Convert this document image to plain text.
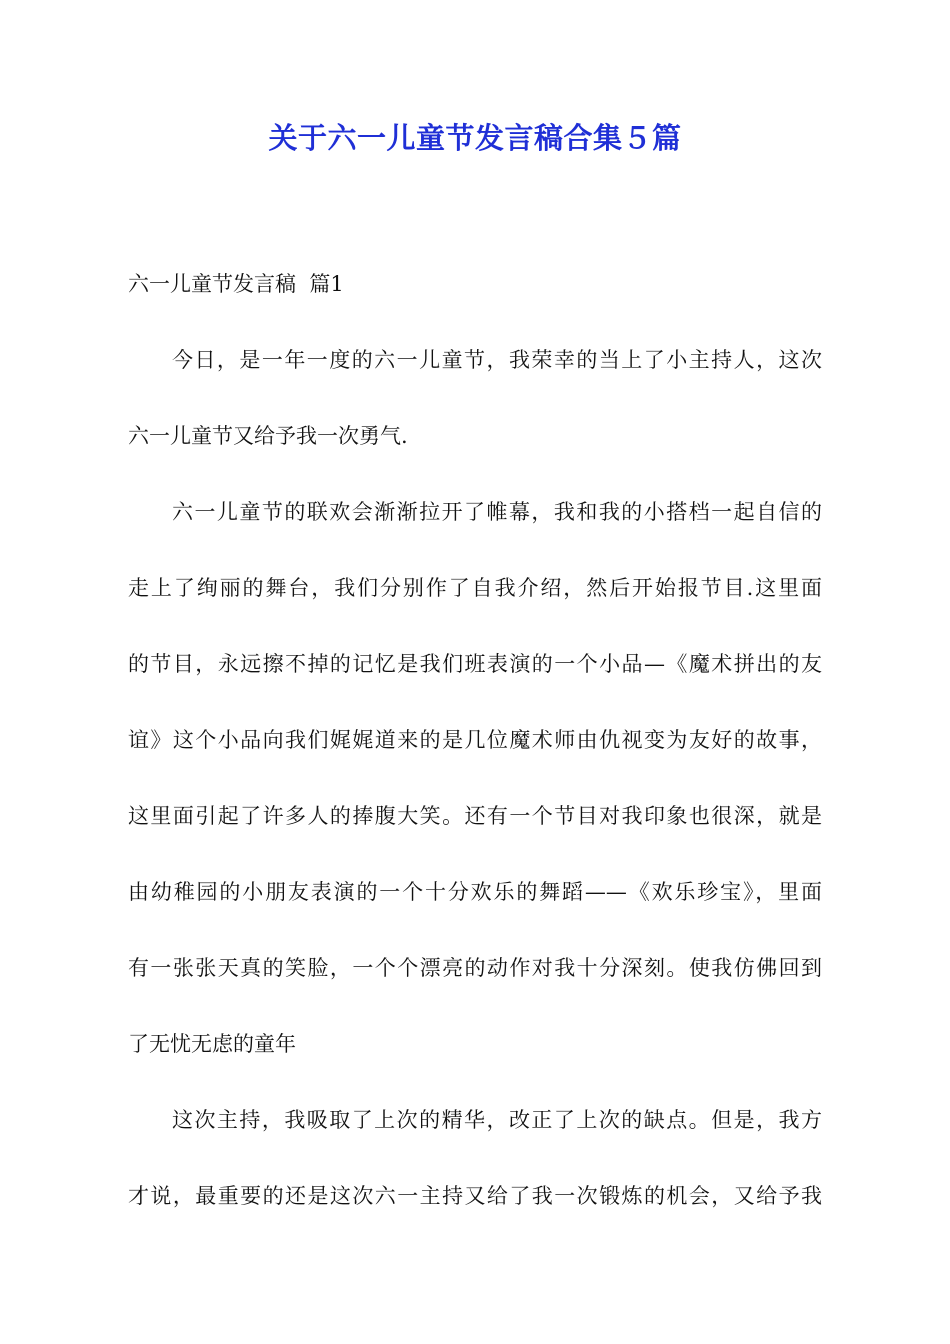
关于六一儿童节发言稿合集５篇
六一儿童节发言稿  篇1
今日，是一年一度的六一儿童节，我荣幸的当上了小主持人，这次
六一儿童节又给予我一次勇气.
六一儿童节的联欢会渐渐拉开了帷幕，我和我的小搭档一起自信的
走上了绚丽的舞台，我们分别作了自我介绍，然后开始报节目.这里面
的节目，永远擦不掉的记忆是我们班表演的一个小品—《魔术拼出的友
谊》这个小品向我们娓娓道来的是几位魔术师由仇视变为友好的故事，
这里面引起了许多人的捧腹大笑。还有一个节目对我印象也很深，就是
由幼稚园的小朋友表演的一个十分欢乐的舞蹈——《欢乐珍宝》，里面
有一张张天真的笑脸，一个个漂亮的动作对我十分深刻。使我仿佛回到
了无忧无虑的童年
这次主持，我吸取了上次的精华，改正了上次的缺点。但是，我方
才说，最重要的还是这次六一主持又给了我一次锻炼的机会，又给予我
